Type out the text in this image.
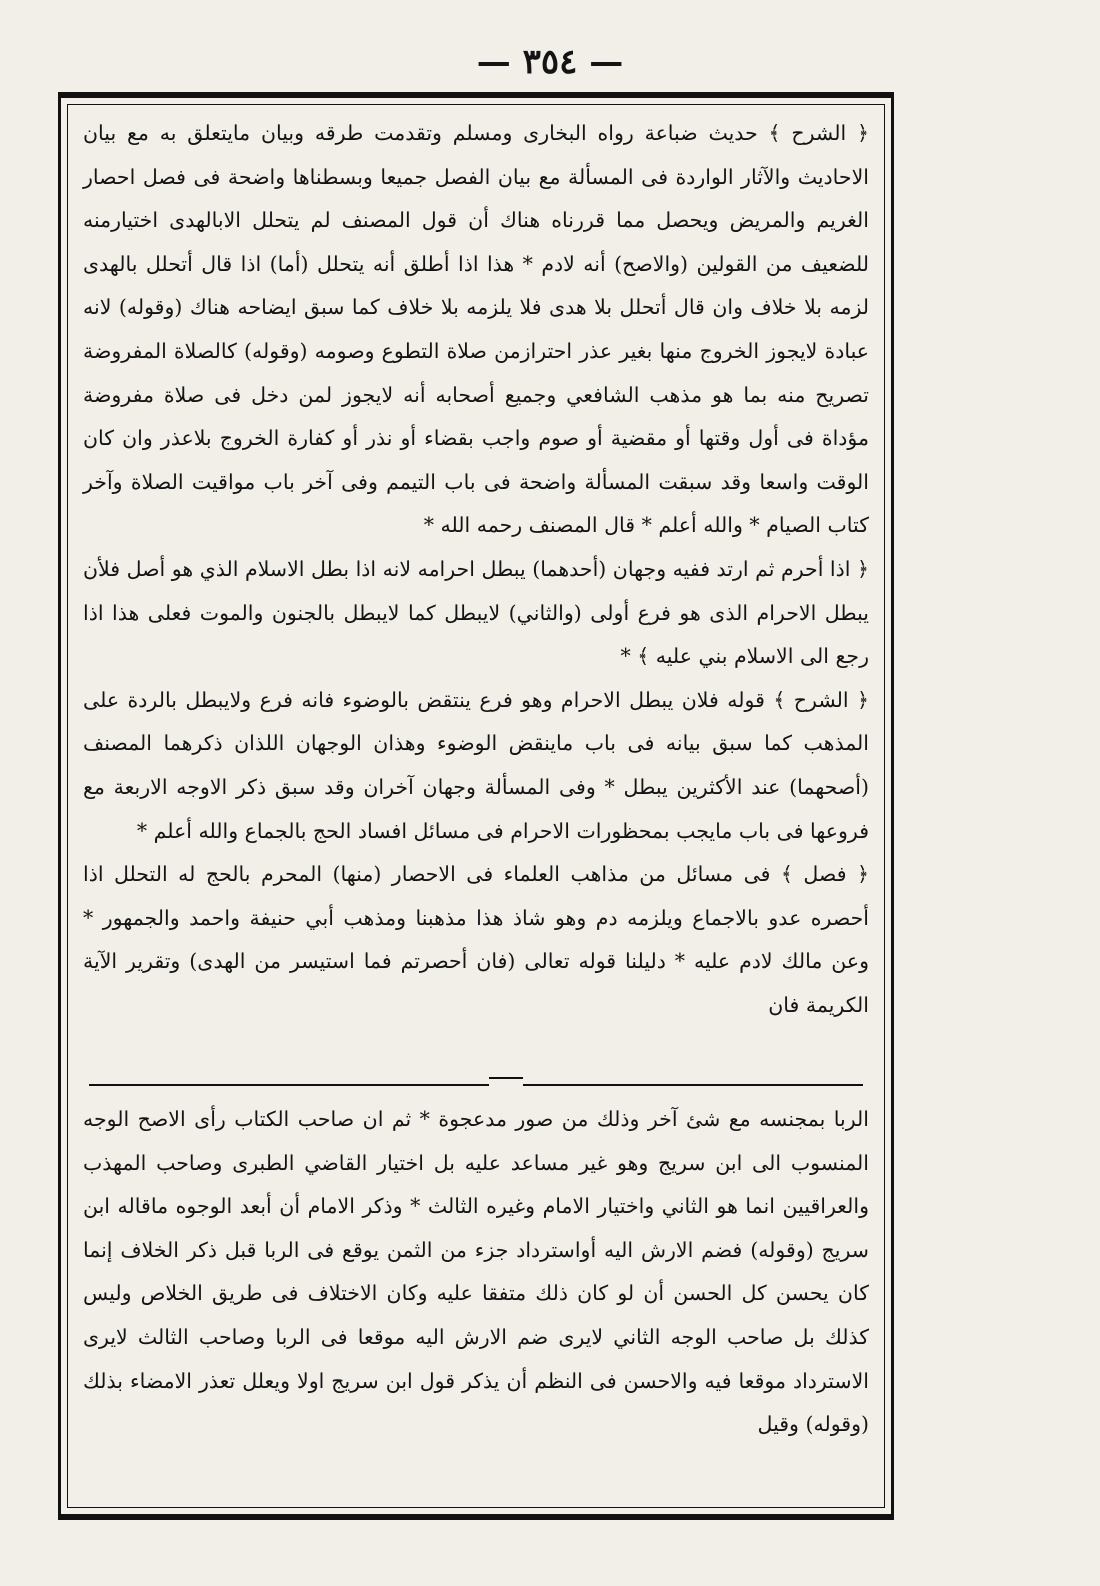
— ٣٥٤ —

﴿ الشرح ﴾ حديث ضباعة رواه البخارى ومسلم وتقدمت طرقه وبيان مايتعلق به مع بيان الاحاديث والآثار الواردة فى المسألة مع بيان الفصل جميعا وبسطناها واضحة فى فصل احصار الغريم والمريض ويحصل مما قررناه هناك أن قول المصنف لم يتحلل الابالهدى اختيارمنه للضعيف من القولين (والاصح) أنه لادم * هذا اذا أطلق أنه يتحلل (أما) اذا قال أتحلل بالهدى لزمه بلا خلاف وان قال أتحلل بلا هدى فلا يلزمه بلا خلاف كما سبق ايضاحه هناك (وقوله) لانه عبادة لايجوز الخروج منها بغير عذر احترازمن صلاة التطوع وصومه (وقوله) كالصلاة المفروضة تصريح منه بما هو مذهب الشافعي وجميع أصحابه أنه لايجوز لمن دخل فى صلاة مفروضة مؤداة فى أول وقتها أو مقضية أو صوم واجب بقضاء أو نذر أو كفارة الخروج بلاعذر وان كان الوقت واسعا وقد سبقت المسألة واضحة فى باب التيمم وفى آخر باب مواقيت الصلاة وآخر كتاب الصيام * والله أعلم * قال المصنف رحمه الله *

﴿ اذا أحرم ثم ارتد ففيه وجهان (أحدهما) يبطل احرامه لانه اذا بطل الاسلام الذي هو أصل فلأن يبطل الاحرام الذى هو فرع أولى (والثاني) لايبطل كما لايبطل بالجنون والموت فعلى هذا اذا رجع الى الاسلام بني عليه ﴾ *

﴿ الشرح ﴾ قوله فلان يبطل الاحرام وهو فرع ينتقض بالوضوء فانه فرع ولايبطل بالردة على المذهب كما سبق بيانه فى باب ماينقض الوضوء وهذان الوجهان اللذان ذكرهما المصنف (أصحهما) عند الأكثرين يبطل * وفى المسألة وجهان آخران وقد سبق ذكر الاوجه الاربعة مع فروعها فى باب مايجب بمحظورات الاحرام فى مسائل افساد الحج بالجماع والله أعلم *

﴿ فصل ﴾ فى مسائل من مذاهب العلماء فى الاحصار (منها) المحرم بالحج له التحلل اذا أحصره عدو بالاجماع ويلزمه دم وهو شاذ هذا مذهبنا ومذهب أبي حنيفة واحمد والجمهور * وعن مالك لادم عليه * دليلنا قوله تعالى (فان أحصرتم فما استيسر من الهدى) وتقرير الآية الكريمة فان

الربا بمجنسه مع شئ آخر وذلك من صور مدعجوة * ثم ان صاحب الكتاب رأى الاصح الوجه المنسوب الى ابن سريج وهو غير مساعد عليه بل اختيار القاضي الطبرى وصاحب المهذب والعراقيين انما هو الثاني واختيار الامام وغيره الثالث * وذكر الامام أن أبعد الوجوه ماقاله ابن سريج (وقوله) فضم الارش اليه أواسترداد جزء من الثمن يوقع فى الربا قبل ذكر الخلاف إنما كان يحسن كل الحسن أن لو كان ذلك متفقا عليه وكان الاختلاف فى طريق الخلاص وليس كذلك بل صاحب الوجه الثاني لايرى ضم الارش اليه موقعا فى الربا وصاحب الثالث لايرى الاسترداد موقعا فيه والاحسن فى النظم أن يذكر قول ابن سريج اولا ويعلل تعذر الامضاء بذلك (وقوله) وقيل
